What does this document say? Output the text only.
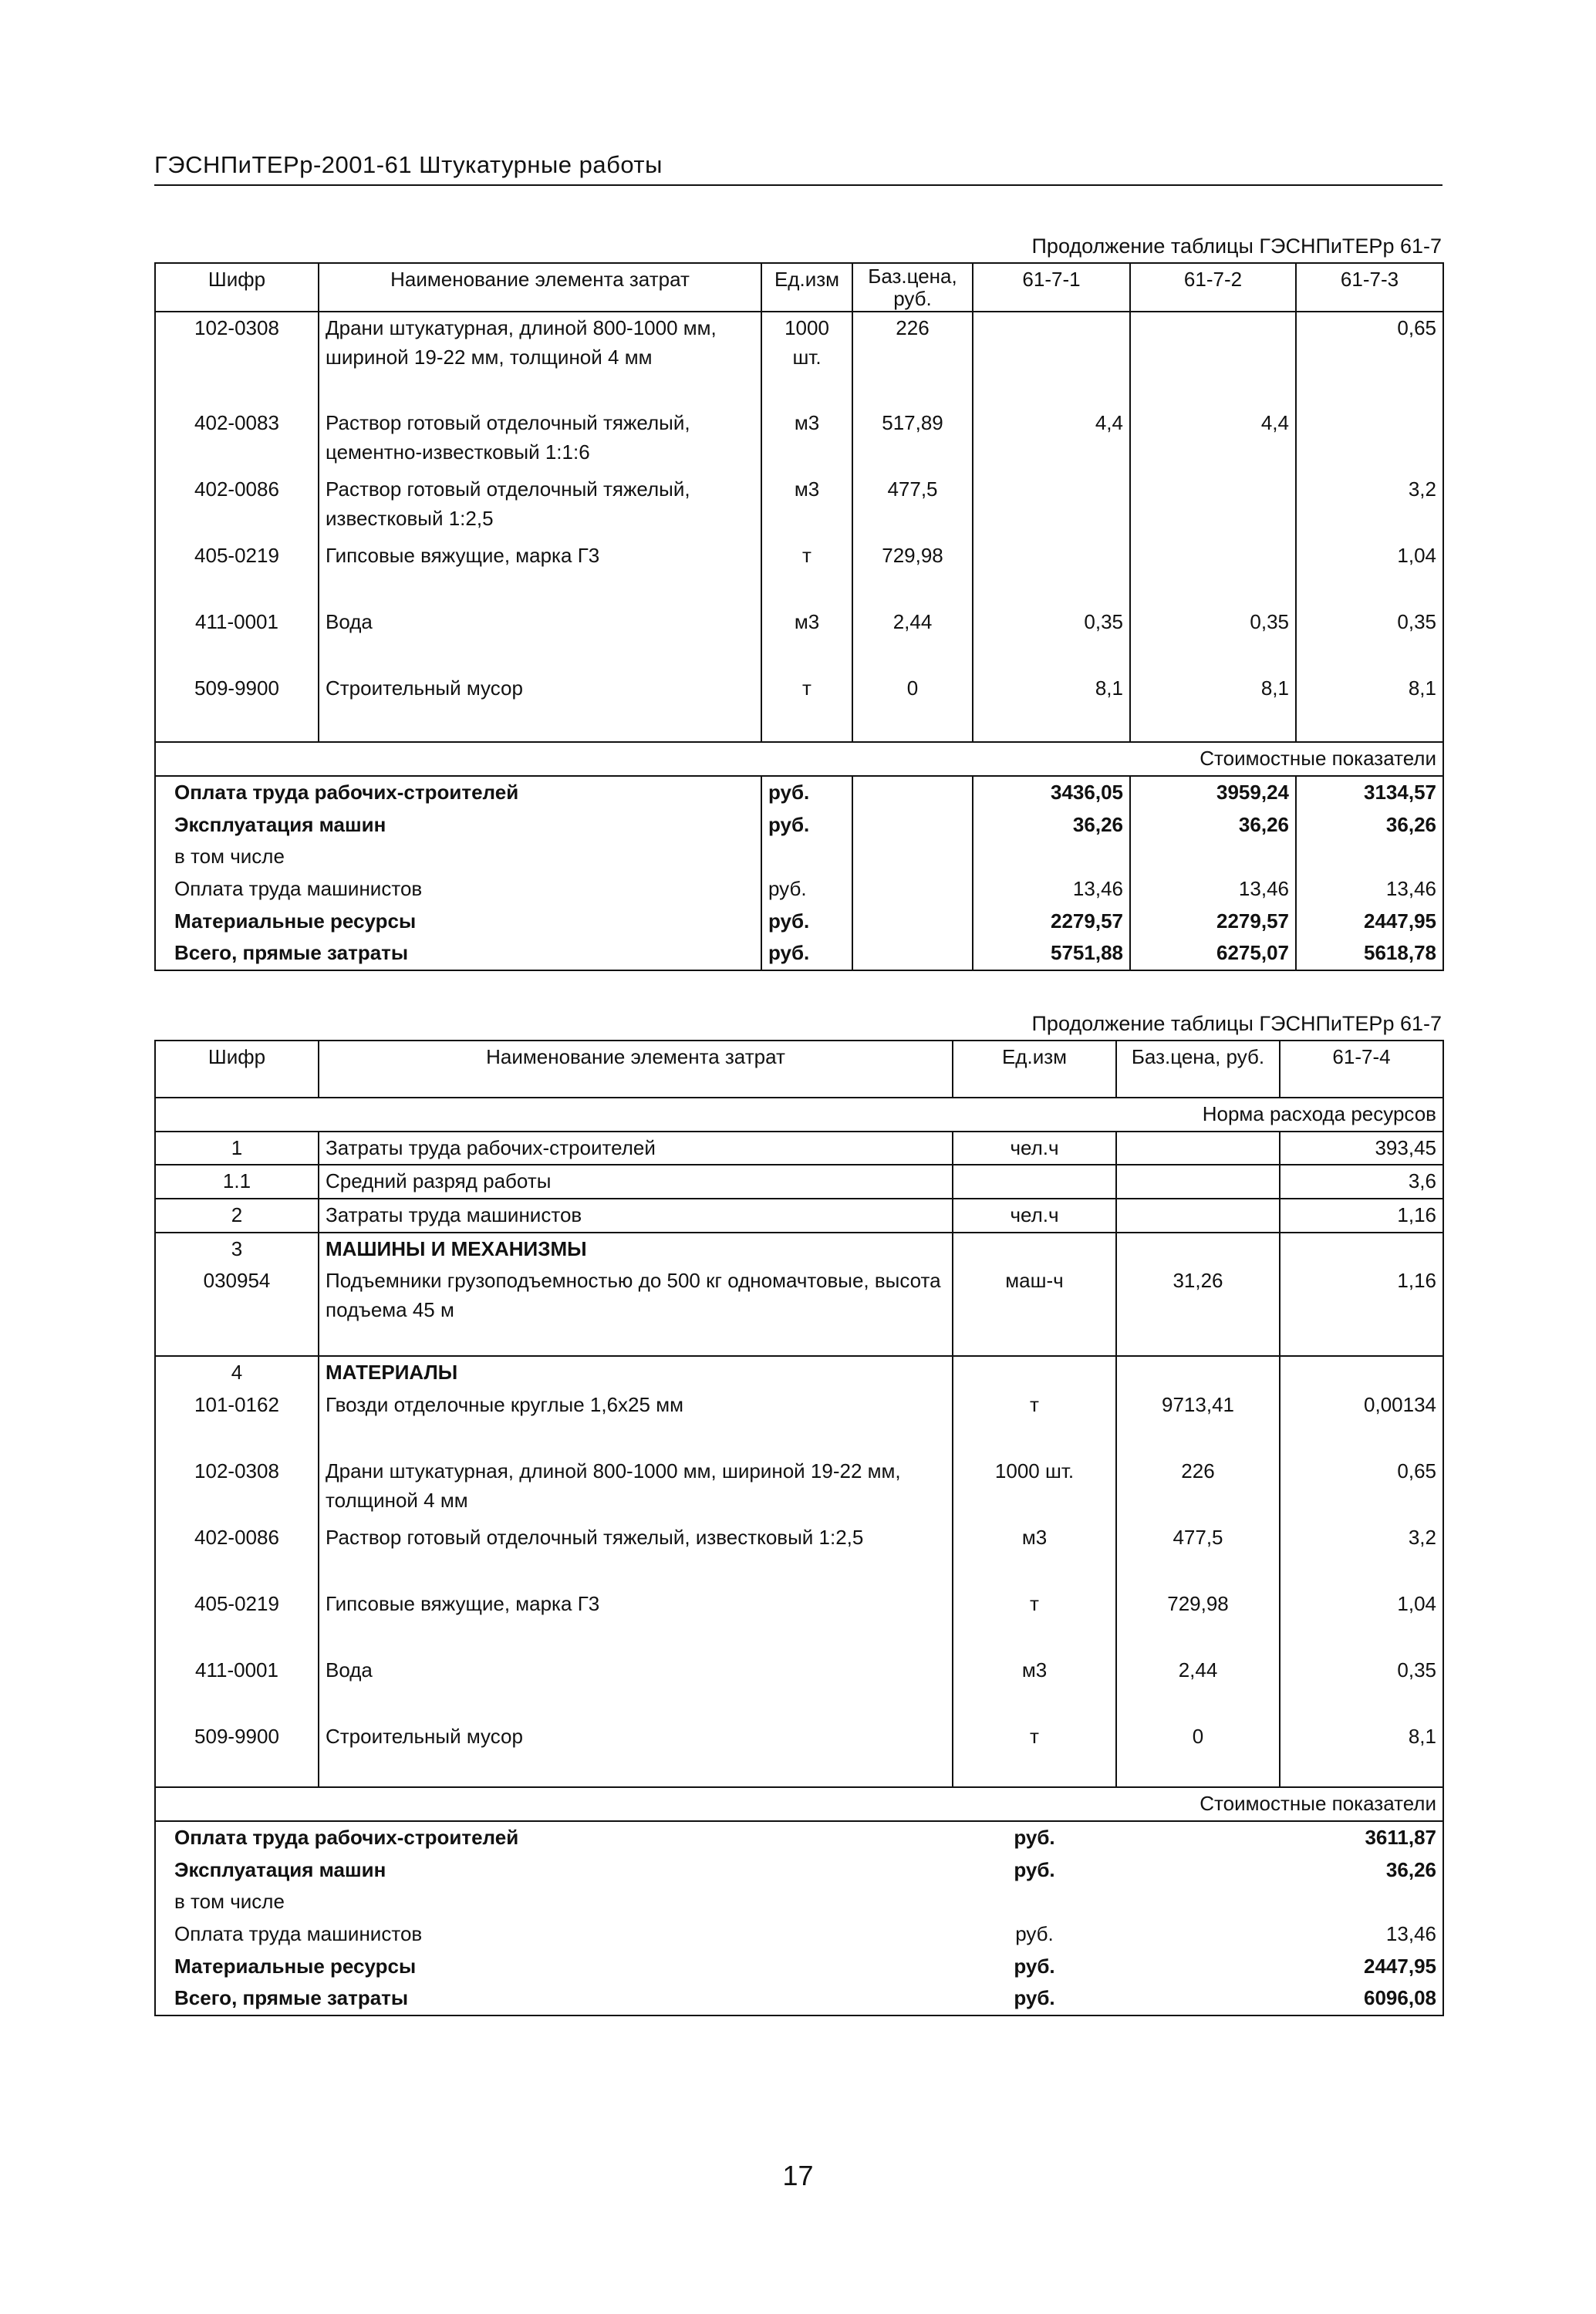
ГЭСНПиТЕРр-2001-61 Штукатурные работы
Продолжение таблицы ГЭСНПиТЕРр 61-7
Шифр	Наименование элемента затрат	Ед.изм	Баз.цена, руб.	61-7-1	61-7-2	61-7-3
102-0308	Драни штукатурная, длиной 800-1000 мм, шириной 19-22 мм, толщиной 4 мм	1000 шт.	226			0,65
402-0083	Раствор готовый отделочный тяжелый, цементно-известковый 1:1:6	м3	517,89	4,4	4,4	
402-0086	Раствор готовый отделочный тяжелый, известковый 1:2,5	м3	477,5			3,2
405-0219	Гипсовые вяжущие, марка Г3	т	729,98			1,04
411-0001	Вода	м3	2,44	0,35	0,35	0,35
509-9900	Строительный мусор	т	0	8,1	8,1	8,1
Стоимостные показатели						
Оплата труда рабочих-строителей		руб.		3436,05	3959,24	3134,57
Эксплуатация машин		руб.		36,26	36,26	36,26
в том числе						
Оплата труда машинистов		руб.		13,46	13,46	13,46
Материальные ресурсы		руб.		2279,57	2279,57	2447,95
Всего, прямые затраты		руб.		5751,88	6275,07	5618,78
Продолжение таблицы ГЭСНПиТЕРр 61-7
Шифр	Наименование элемента затрат	Ед.изм	Баз.цена, руб.	61-7-4
Норма расхода ресурсов				
1	Затраты труда рабочих-строителей	чел.ч		393,45
1.1	Средний разряд работы			3,6
2	Затраты труда машинистов	чел.ч		1,16
3	МАШИНЫ И МЕХАНИЗМЫ			
030954	Подъемники грузоподъемностью до 500 кг одномачтовые, высота подъема 45 м	маш-ч	31,26	1,16
4	МАТЕРИАЛЫ			
101-0162	Гвозди отделочные круглые 1,6х25 мм	т	9713,41	0,00134
102-0308	Драни штукатурная, длиной 800-1000 мм, шириной 19-22 мм, толщиной 4 мм	1000 шт.	226	0,65
402-0086	Раствор готовый отделочный тяжелый, известковый 1:2,5	м3	477,5	3,2
405-0219	Гипсовые вяжущие, марка Г3	т	729,98	1,04
411-0001	Вода	м3	2,44	0,35
509-9900	Строительный мусор	т	0	8,1
Стоимостные показатели				
Оплата труда рабочих-строителей		руб.		3611,87
Эксплуатация машин		руб.		36,26
в том числе				
Оплата труда машинистов		руб.		13,46
Материальные ресурсы		руб.		2447,95
Всего, прямые затраты		руб.		6096,08
17
